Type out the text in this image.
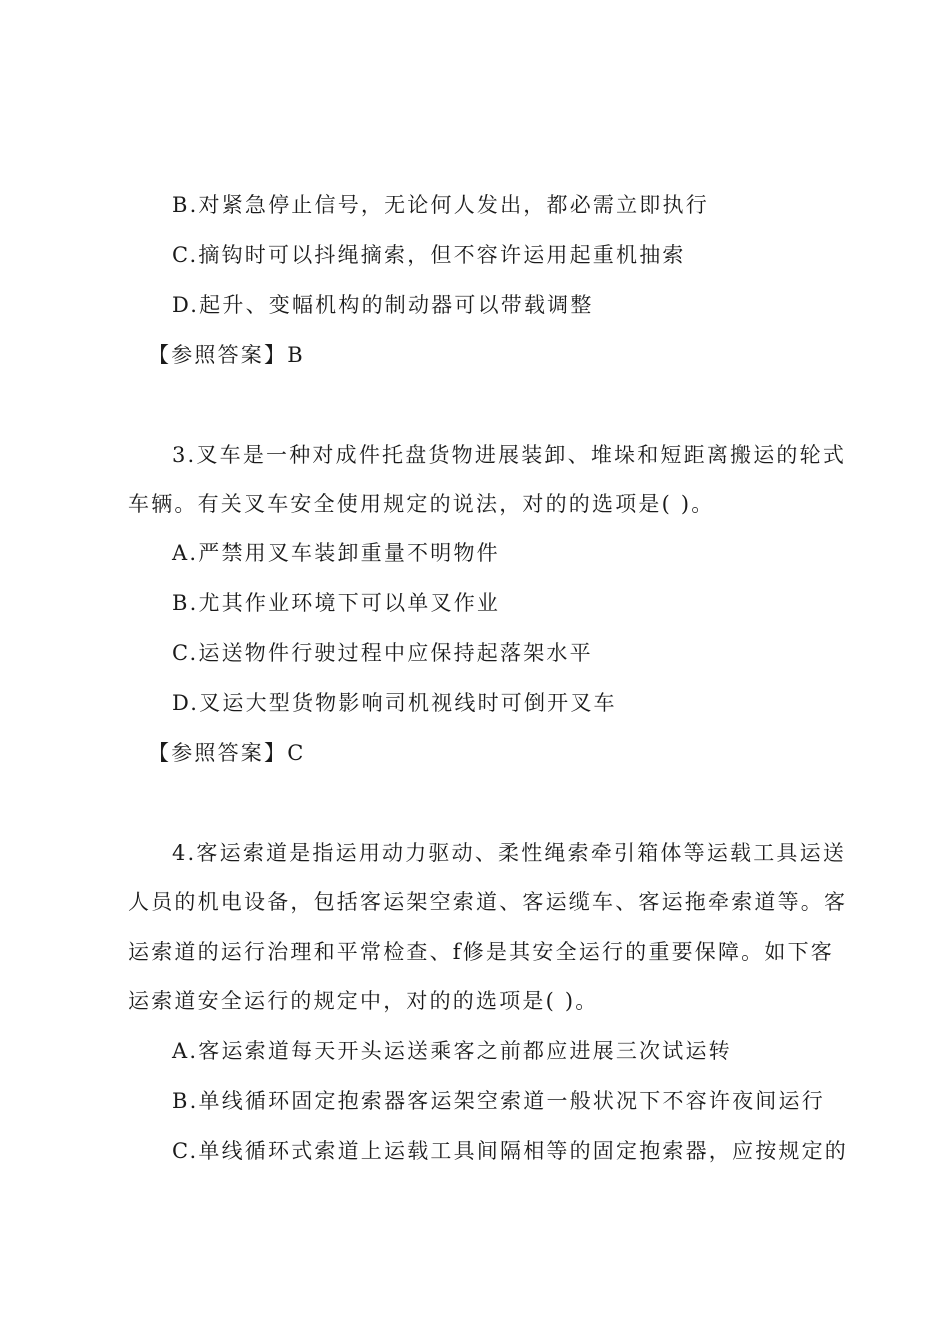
B.对紧急停止信号，无论何人发出，都必需立即执行
C.摘钩时可以抖绳摘索，但不容许运用起重机抽索
D.起升、变幅机构的制动器可以带载调整
【参照答案】B
3.叉车是一种对成件托盘货物进展装卸、堆垛和短距离搬运的轮式
车辆。有关叉车安全使用规定的说法，对的的选项是( )。
A.严禁用叉车装卸重量不明物件
B.尤其作业环境下可以单叉作业
C.运送物件行驶过程中应保持起落架水平
D.叉运大型货物影响司机视线时可倒开叉车
【参照答案】C
4.客运索道是指运用动力驱动、柔性绳索牵引箱体等运载工具运送
人员的机电设备，包括客运架空索道、客运缆车、客运拖牵索道等。客
运索道的运行治理和平常检查、f修是其安全运行的重要保障。如下客
运索道安全运行的规定中，对的的选项是( )。
A.客运索道每天开头运送乘客之前都应进展三次试运转
B.单线循环固定抱索器客运架空索道一般状况下不容许夜间运行
C.单线循环式索道上运载工具间隔相等的固定抱索器，应按规定的
